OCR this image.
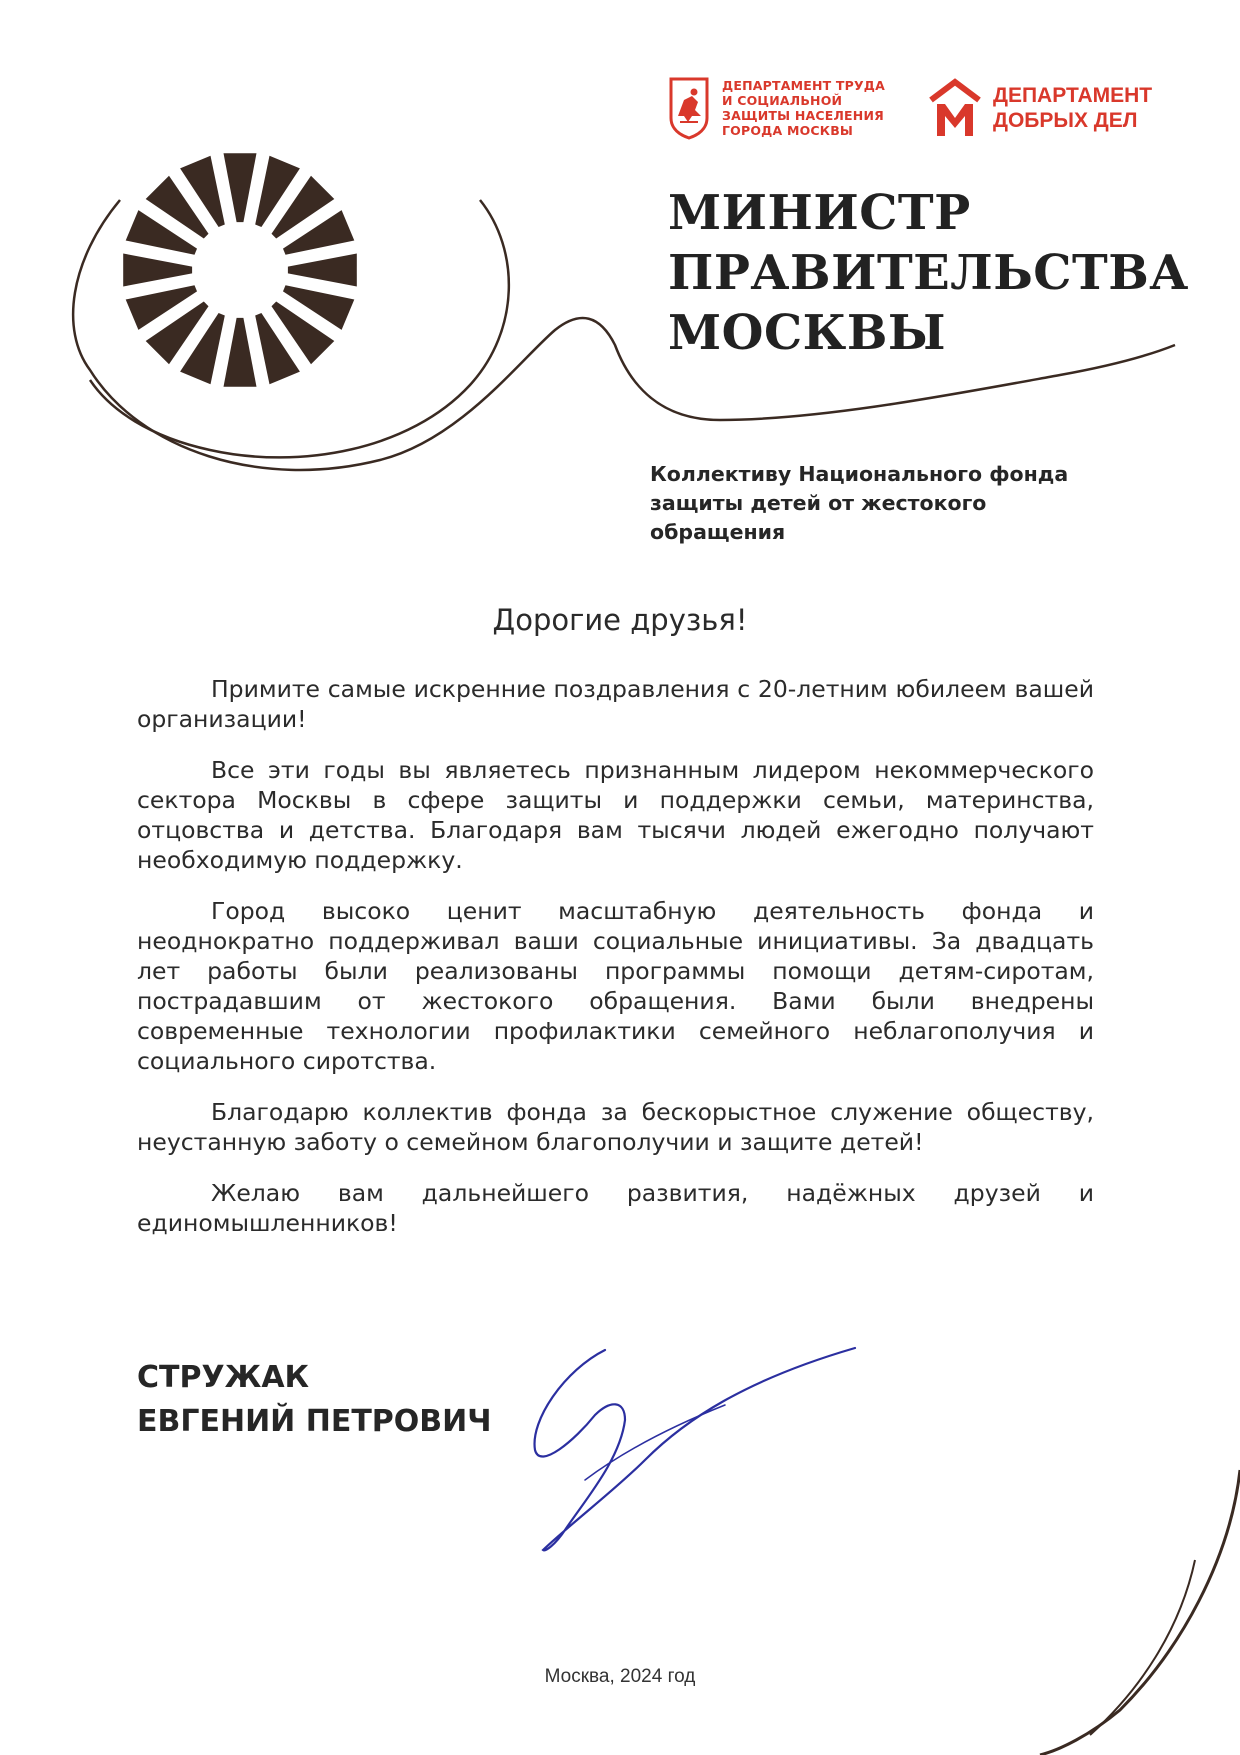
ДЕПАРТАМЕНТ ТРУДА
И СОЦИАЛЬНОЙ
ЗАЩИТЫ НАСЕЛЕНИЯ
ГОРОДА МОСКВЫ
ДЕПАРТАМЕНТ
ДОБРЫХ ДЕЛ
МИНИСТР
ПРАВИТЕЛЬСТВА
МОСКВЫ
Коллективу Национального фонда
защиты детей от жестокого
обращения
Дорогие друзья!

Примите самые искренние поздравления с 20-летним юбилеем вашей организации!

Все эти годы вы являетесь признанным лидером некоммерческого сектора Москвы в сфере защиты и поддержки семьи, материнства, отцовства и детства. Благодаря вам тысячи людей ежегодно получают необходимую поддержку.

Город высоко ценит масштабную деятельность фонда и неоднократно поддерживал ваши социальные инициативы. За двадцать лет работы были реализованы программы помощи детям-сиротам, пострадавшим от жестокого обращения. Вами были внедрены современные технологии профилактики семейного неблагополучия и социального сиротства.

Благодарю коллектив фонда за бескорыстное служение обществу, неустанную заботу о семейном благополучии и защите детей!

Желаю вам дальнейшего развития, надёжных друзей и единомышленников!

СТРУЖАК
ЕВГЕНИЙ ПЕТРОВИЧ
Москва, 2024 год
